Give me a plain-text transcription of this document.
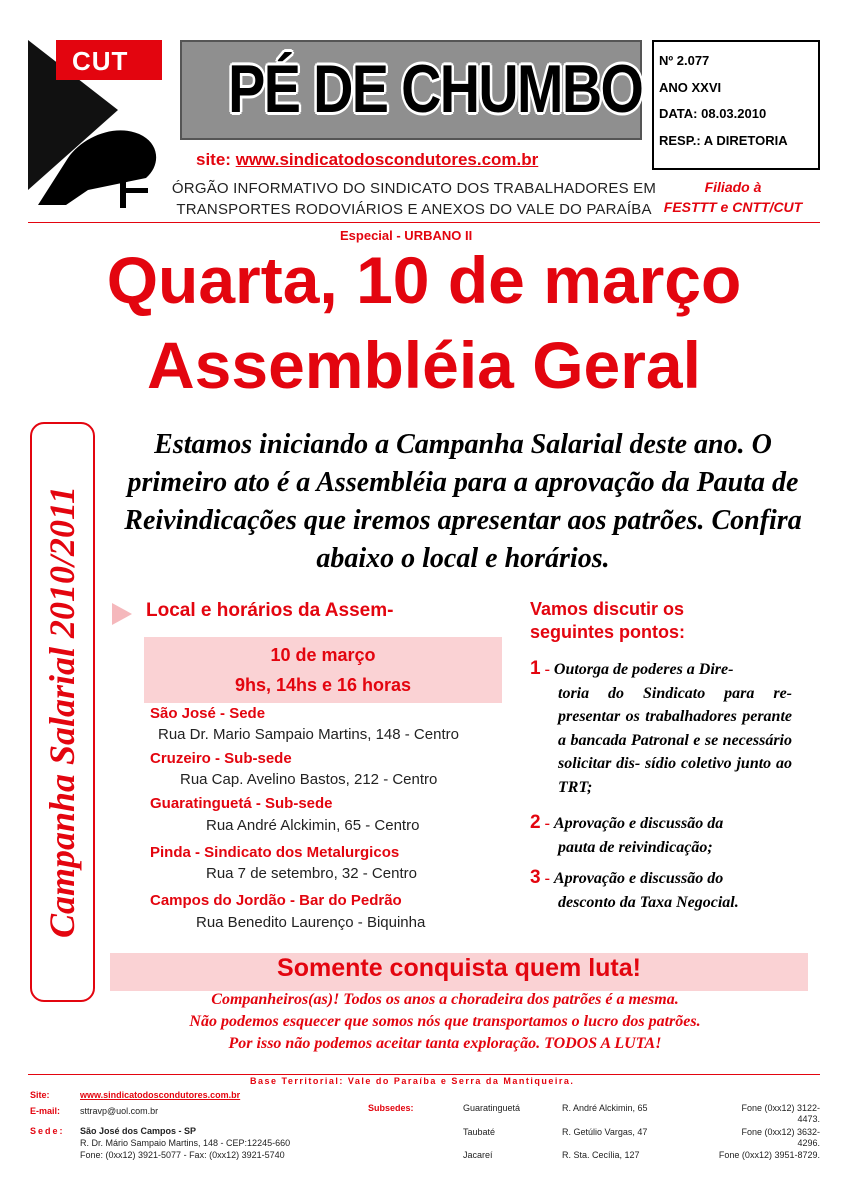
CUT	PÉ DE CHUMBO
site: www.sindicatodoscondutores.com.br
ÓRGÃO INFORMATIVO DO SINDICATO DOS TRABALHADORES EM
TRANSPORTES RODOVIÁRIOS E ANEXOS DO VALE DO PARAÍBA
Nº 2.077
ANO XXVI
DATA: 08.03.2010
RESP.: A DIRETORIA
Filiado à
FESTTT e CNTT/CUT
Especial - URBANO II
Quarta, 10 de março
Assembléia Geral
Campanha Salarial 2010/2011
Estamos iniciando a Campanha Salarial deste ano. O primeiro ato é a Assembléia para a aprovação da Pauta de Reivindicações que iremos apresentar aos patrões. Confira abaixo o local e horários.
Local e horários da Assem-
10 de março
9hs, 14hs e 16 horas
São José - Sede
Rua Dr. Mario Sampaio Martins, 148 - Centro
Cruzeiro - Sub-sede
Rua Cap. Avelino Bastos, 212 - Centro
Guaratinguetá - Sub-sede
Rua André Alckimin, 65 - Centro
Pinda - Sindicato dos Metalurgicos
Rua 7 de setembro, 32 - Centro
Campos do Jordão - Bar do Pedrão
Rua Benedito Laurenço - Biquinha
Vamos discutir os
seguintes pontos:
1 - Outorga de poderes a Dire-
toria do Sindicato para re- presentar os trabalhadores perante a bancada Patronal e se necessário solicitar dis- sídio coletivo junto ao TRT;
2 - Aprovação e discussão da
pauta de reivindicação;
3 - Aprovação e discussão do
desconto da Taxa Negocial.
Somente conquista quem luta!
Companheiros(as)! Todos os anos a choradeira dos patrões é a mesma.
Não podemos esquecer que somos nós que transportamos o lucro dos patrões.
Por isso não podemos aceitar tanta exploração. TODOS A LUTA!
Base Territorial: Vale do Paraíba e Serra da Mantiqueira.
Site:	www.sindicatodoscondutores.com.br
E-mail: sttravp@uol.com.br
Sede: São José dos Campos - SP
R. Dr. Mário Sampaio Martins, 148 - CEP:12245-660
Fone: (0xx12) 3921-5077 - Fax: (0xx12) 3921-5740
Subsedes:	Guaratinguetá	R. André Alckimin, 65	Fone (0xx12) 3122-
4473.
Taubaté	R. Getúlio Vargas, 47	Fone (0xx12) 3632-
4296.
Jacareí	R. Sta. Cecília, 127	Fone (0xx12) 3951-8729.
